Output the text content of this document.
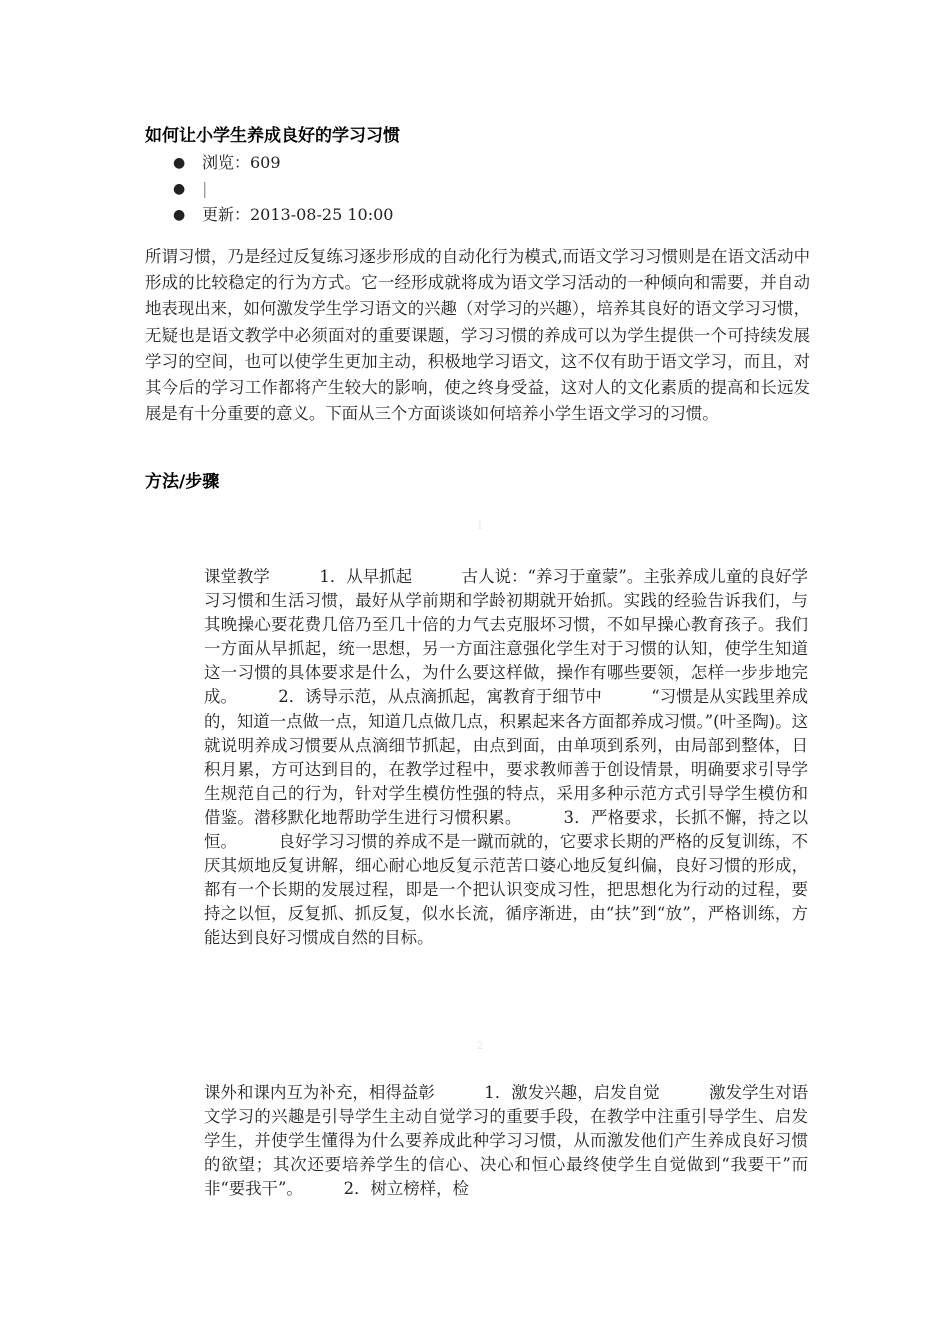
如何让小学生养成良好的学习习惯
● 浏览：609
● |
● 更新：2013-08-25 10:00

所谓习惯，乃是经过反复练习逐步形成的自动化行为模式,而语文学习习惯则是在语文活动中形成的比较稳定的行为方式。它一经形成就将成为语文学习活动的一种倾向和需要，并自动地表现出来，如何激发学生学习语文的兴趣（对学习的兴趣），培养其良好的语文学习习惯，无疑也是语文教学中必须面对的重要课题，学习习惯的养成可以为学生提供一个可持续发展学习的空间，也可以使学生更加主动，积极地学习语文，这不仅有助于语文学习，而且，对其今后的学习工作都将产生较大的影响，使之终身受益，这对人的文化素质的提高和长远发展是有十分重要的意义。下面从三个方面谈谈如何培养小学生语文学习的习惯。

方法/步骤
1

课堂教学　　　1．从早抓起　　　古人说：“养习于童蒙”。主张养成儿童的良好学习习惯和生活习惯，最好从学前期和学龄初期就开始抓。实践的经验告诉我们，与其晚操心要花费几倍乃至几十倍的力气去克服坏习惯，不如早操心教育孩子。我们一方面从早抓起，统一思想，另一方面注意强化学生对于习惯的认知，使学生知道这一习惯的具体要求是什么，为什么要这样做，操作有哪些要领，怎样一步步地完成。　　　2．诱导示范，从点滴抓起，寓教育于细节中　　　“习惯是从实践里养成的，知道一点做一点，知道几点做几点，积累起来各方面都养成习惯。”(叶圣陶)。这就说明养成习惯要从点滴细节抓起，由点到面，由单项到系列，由局部到整体，日积月累，方可达到目的，在教学过程中，要求教师善于创设情景，明确要求引导学生规范自己的行为，针对学生模仿性强的特点，采用多种示范方式引导学生模仿和借鉴。潜移默化地帮助学生进行习惯积累。　　　3．严格要求，长抓不懈，持之以恒。　　　良好学习习惯的养成不是一蹴而就的，它要求长期的严格的反复训练，不厌其烦地反复讲解，细心耐心地反复示范苦口婆心地反复纠偏，良好习惯的形成，都有一个长期的发展过程，即是一个把认识变成习性，把思想化为行动的过程，要持之以恒，反复抓、抓反复，似水长流，循序渐进，由“扶”到“放”，严格训练，方能达到良好习惯成自然的目标。

2

课外和课内互为补充，相得益彰　　　1．激发兴趣，启发自觉　　　激发学生对语文学习的兴趣是引导学生主动自觉学习的重要手段，在教学中注重引导学生、启发学生，并使学生懂得为什么要养成此种学习习惯，从而激发他们产生养成良好习惯的欲望；其次还要培养学生的信心、决心和恒心最终使学生自觉做到“我要干”而非“要我干”。　　　2．树立榜样，检
